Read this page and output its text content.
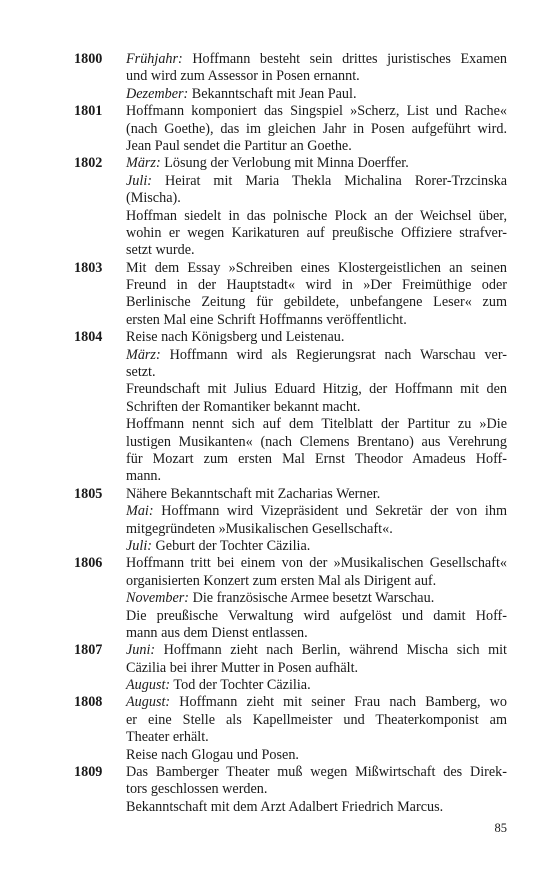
1800	Frühjahr: Hoffmann besteht sein drittes juristisches Examen
und wird zum Assessor in Posen ernannt.
Dezember: Bekanntschaft mit Jean Paul.
1801	Hoffmann komponiert das Singspiel »Scherz, List und Rache«
(nach Goethe), das im gleichen Jahr in Posen aufgeführt wird.
Jean Paul sendet die Partitur an Goethe.
1802	März: Lösung der Verlobung mit Minna Doerffer.
Juli: Heirat mit Maria Thekla Michalina Rorer-Trzcinska
(Mischa).
Hoffman siedelt in das polnische Plock an der Weichsel über,
wohin er wegen Karikaturen auf preußische Offiziere strafver-
setzt wurde.
1803	Mit dem Essay »Schreiben eines Klostergeistlichen an seinen
Freund in der Hauptstadt« wird in »Der Freimüthige oder
Berlinische Zeitung für gebildete, unbefangene Leser« zum
ersten Mal eine Schrift Hoffmanns veröffentlicht.
1804	Reise nach Königsberg und Leistenau.
März: Hoffmann wird als Regierungsrat nach Warschau ver-
setzt.
Freundschaft mit Julius Eduard Hitzig, der Hoffmann mit den
Schriften der Romantiker bekannt macht.
Hoffmann nennt sich auf dem Titelblatt der Partitur zu »Die
lustigen Musikanten« (nach Clemens Brentano) aus Verehrung
für Mozart zum ersten Mal Ernst Theodor Amadeus Hoff-
mann.
1805	Nähere Bekanntschaft mit Zacharias Werner.
Mai: Hoffmann wird Vizepräsident und Sekretär der von ihm
mitgegründeten »Musikalischen Gesellschaft«.
Juli: Geburt der Tochter Cäzilia.
1806	Hoffmann tritt bei einem von der »Musikalischen Gesellschaft«
organisierten Konzert zum ersten Mal als Dirigent auf.
November: Die französische Armee besetzt Warschau.
Die preußische Verwaltung wird aufgelöst und damit Hoff-
mann aus dem Dienst entlassen.
1807	Juni: Hoffmann zieht nach Berlin, während Mischa sich mit
Cäzilia bei ihrer Mutter in Posen aufhält.
August: Tod der Tochter Cäzilia.
1808	August: Hoffmann zieht mit seiner Frau nach Bamberg, wo
er eine Stelle als Kapellmeister und Theaterkomponist am
Theater erhält.
Reise nach Glogau und Posen.
1809	Das Bamberger Theater muß wegen Mißwirtschaft des Direk-
tors geschlossen werden.
Bekanntschaft mit dem Arzt Adalbert Friedrich Marcus.
85
